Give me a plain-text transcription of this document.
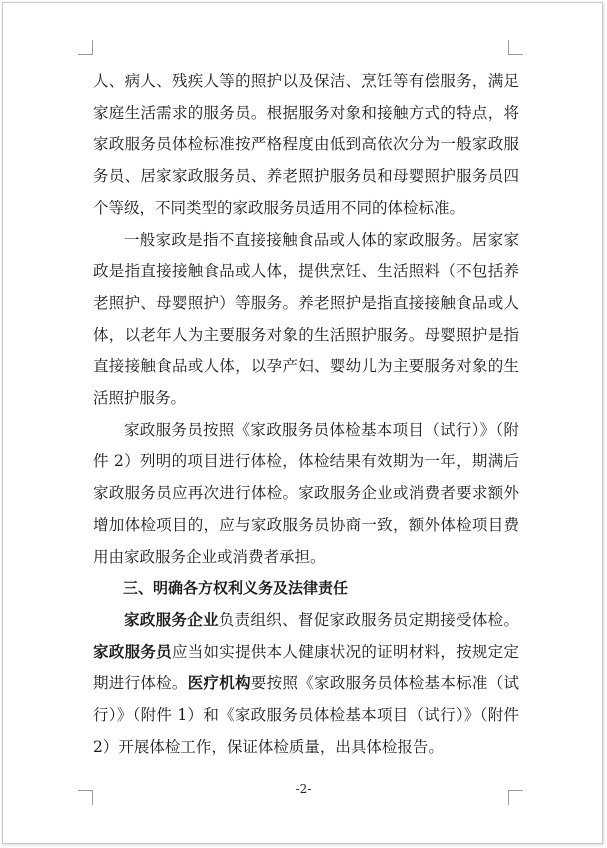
人、病人、残疾人等的照护以及保洁、烹饪等有偿服务，满足家庭生活需求的服务员。根据服务对象和接触方式的特点，将家政服务员体检标准按严格程度由低到高依次分为一般家政服务员、居家家政服务员、养老照护服务员和母婴照护服务员四个等级，不同类型的家政服务员适用不同的体检标准。

一般家政是指不直接接触食品或人体的家政服务。居家家政是指直接接触食品或人体，提供烹饪、生活照料（不包括养老照护、母婴照护）等服务。养老照护是指直接接触食品或人体，以老年人为主要服务对象的生活照护服务。母婴照护是指直接接触食品或人体，以孕产妇、婴幼儿为主要服务对象的生活照护服务。

家政服务员按照《家政服务员体检基本项目（试行）》（附件 2）列明的项目进行体检，体检结果有效期为一年，期满后家政服务员应再次进行体检。家政服务企业或消费者要求额外增加体检项目的，应与家政服务员协商一致，额外体检项目费用由家政服务企业或消费者承担。

三、明确各方权利义务及法律责任

家政服务企业负责组织、督促家政服务员定期接受体检。家政服务员应当如实提供本人健康状况的证明材料，按规定定期进行体检。医疗机构要按照《家政服务员体检基本标准（试行）》（附件 1）和《家政服务员体检基本项目（试行）》（附件 2）开展体检工作，保证体检质量，出具体检报告。

-2-
